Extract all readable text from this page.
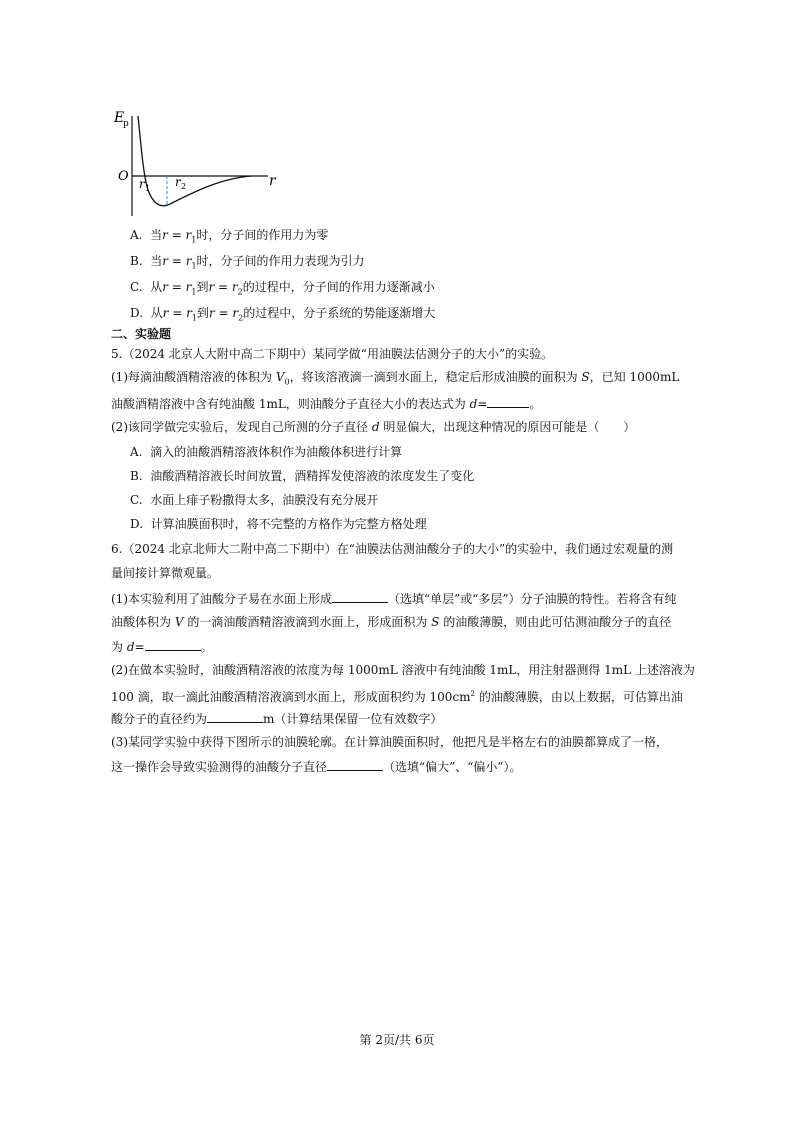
E
p
O	r
r 1 r 2
A. 当$r = r_1$时，分子间的作用力为零
B. 当$r = r_1$时，分子间的作用力表现为引力
C. 从$r = r_1$到$r = r_2$的过程中，分子间的作用力逐渐减小
D. 从$r = r_1$到$r = r_2$的过程中，分子系统的势能逐渐增大
二、实验题
5.（2024 北京人大附中高二下期中）某同学做“用油膜法估测分子的大小”的实验。
(1)每滴油酸酒精溶液的体积为 $V_0$，将该溶液滴一滴到水面上，稳定后形成油膜的面积为 S，已知 1000mL
油酸酒精溶液中含有纯油酸 1mL，则油酸分子直径大小的表达式为 d=	。
(2)该同学做完实验后，发现自己所测的分子直径 d 明显偏大，出现这种情况的原因可能是（　　）
A. 滴入的油酸酒精溶液体积作为油酸体积进行计算
B. 油酸酒精溶液长时间放置，酒精挥发使溶液的浓度发生了变化
C. 水面上痱子粉撒得太多，油膜没有充分展开
D. 计算油膜面积时，将不完整的方格作为完整方格处理
6.（2024 北京北师大二附中高二下期中）在“油膜法估测油酸分子的大小”的实验中，我们通过宏观量的测
量间接计算微观量。
(1)本实验利用了油酸分子易在水面上形成	（选填“单层”或“多层”）分子油膜的特性。若将含有纯
油酸体积为 V 的一滴油酸酒精溶液滴到水面上，形成面积为 S 的油酸薄膜，则由此可估测油酸分子的直径
为 d=	。
(2)在做本实验时，油酸酒精溶液的浓度为每 1000mL 溶液中有纯油酸 1mL，用注射器测得 1mL 上述溶液为
100 滴，取一滴此油酸酒精溶液滴到水面上，形成面积约为 $100cm^2$ 的油酸薄膜，由以上数据，可估算出油
酸分子的直径约为	m（计算结果保留一位有效数字）
(3)某同学实验中获得下图所示的油膜轮廓。在计算油膜面积时，他把凡是半格左右的油膜都算成了一格，
这一操作会导致实验测得的油酸分子直径	（选填“偏大”、“偏小”）。
第 2页/共 6页
